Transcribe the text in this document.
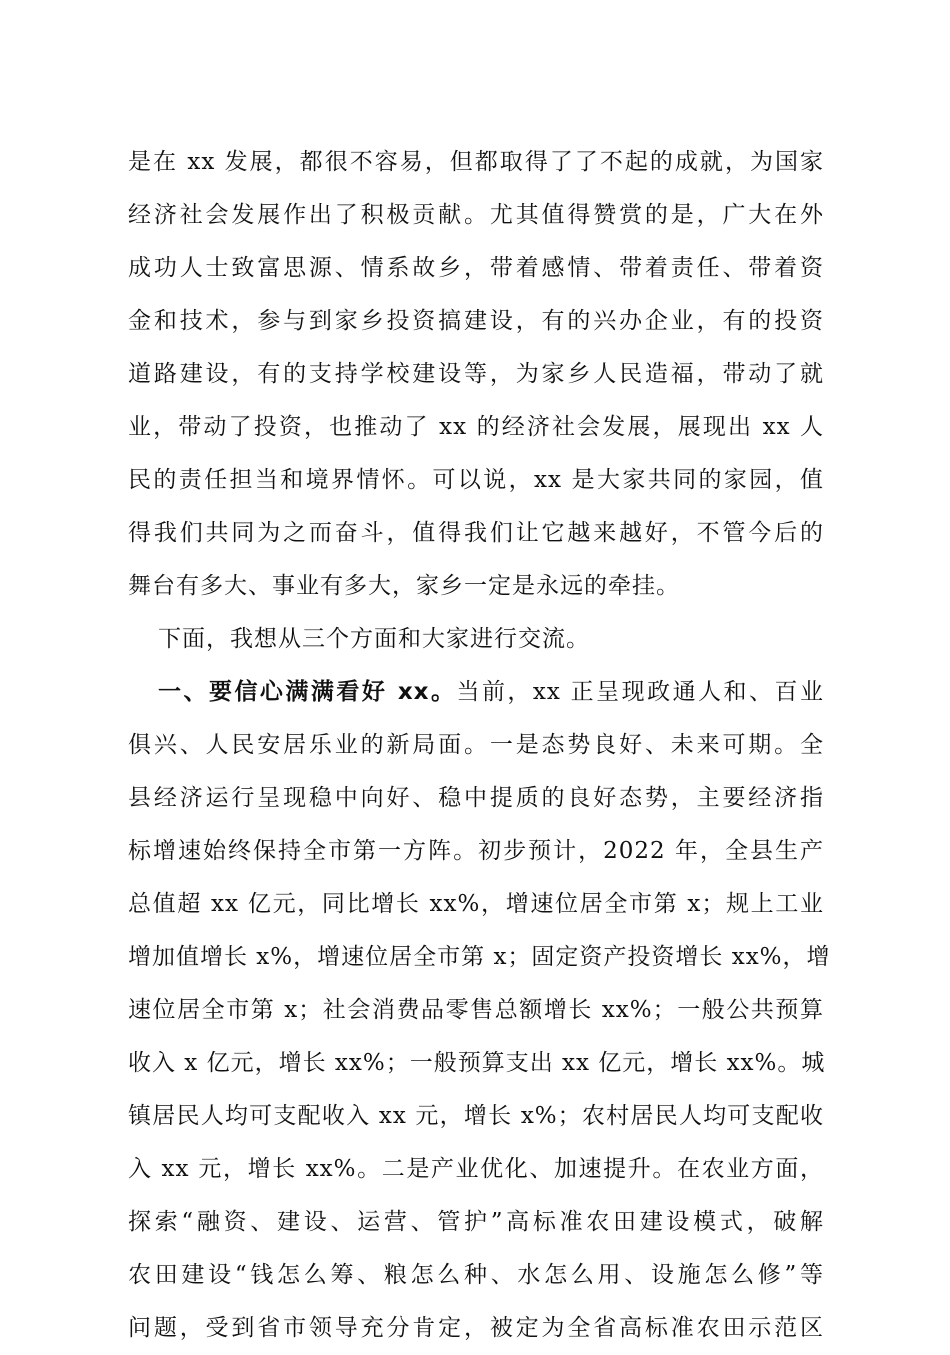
是在 xx 发展，都很不容易，但都取得了了不起的成就，为国家
经济社会发展作出了积极贡献。尤其值得赞赏的是，广大在外
成功人士致富思源、情系故乡，带着感情、带着责任、带着资
金和技术，参与到家乡投资搞建设，有的兴办企业，有的投资
道路建设，有的支持学校建设等，为家乡人民造福，带动了就
业，带动了投资，也推动了 xx 的经济社会发展，展现出 xx 人
民的责任担当和境界情怀。可以说，xx 是大家共同的家园，值
得我们共同为之而奋斗，值得我们让它越来越好，不管今后的
舞台有多大、事业有多大，家乡一定是永远的牵挂。
下面，我想从三个方面和大家进行交流。
一、要信心满满看好 xx。当前，xx 正呈现政通人和、百业
俱兴、人民安居乐业的新局面。一是态势良好、未来可期。全
县经济运行呈现稳中向好、稳中提质的良好态势，主要经济指
标增速始终保持全市第一方阵。初步预计，2022 年，全县生产
总值超 xx 亿元，同比增长 xx%，增速位居全市第 x；规上工业
增加值增长 x%，增速位居全市第 x；固定资产投资增长 xx%，增
速位居全市第 x；社会消费品零售总额增长 xx%；一般公共预算
收入 x 亿元，增长 xx%；一般预算支出 xx 亿元，增长 xx%。城
镇居民人均可支配收入 xx 元，增长 x%；农村居民人均可支配收
入 xx 元，增长 xx%。二是产业优化、加速提升。在农业方面，
探索“融资、建设、运营、管护”高标准农田建设模式，破解
农田建设“钱怎么筹、粮怎么种、水怎么用、设施怎么修”等
问题，受到省市领导充分肯定，被定为全省高标准农田示范区
